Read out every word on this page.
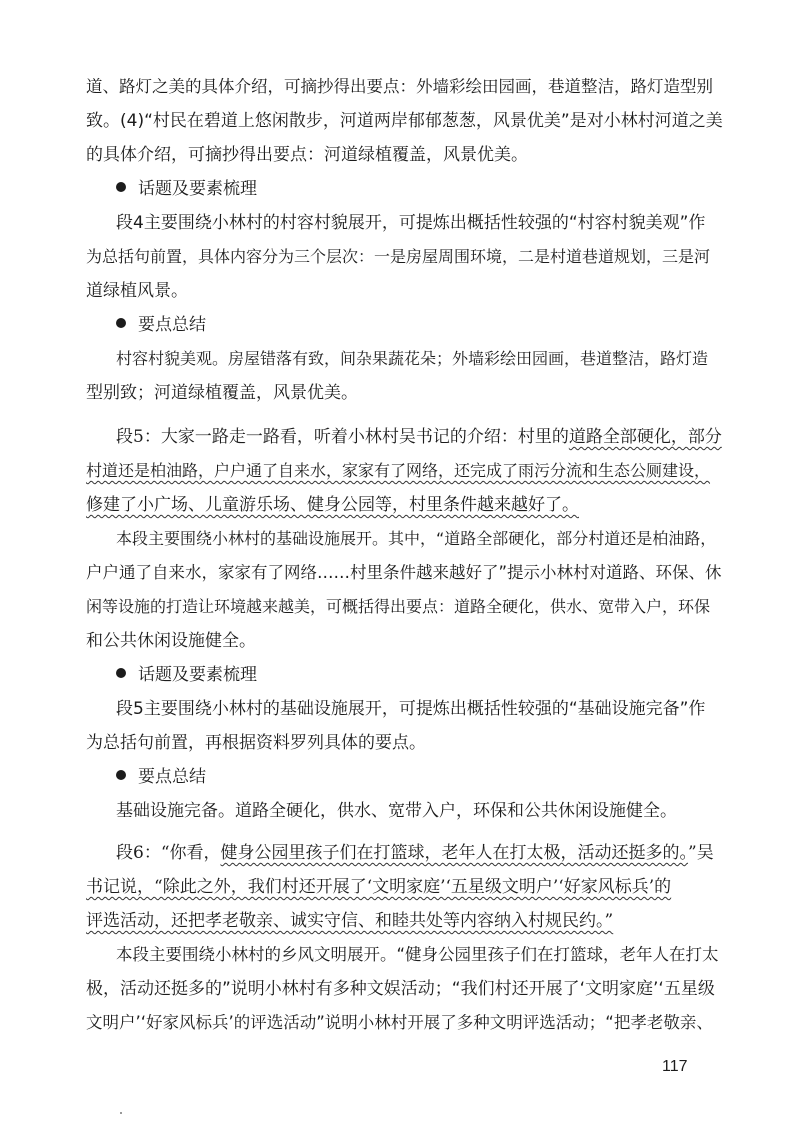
道、路灯之美的具体介绍，可摘抄得出要点：外墙彩绘田园画，巷道整洁，路灯造型别
致。(4)“村民在碧道上悠闲散步，河道两岸郁郁葱葱，风景优美”是对小林村河道之美
的具体介绍，可摘抄得出要点：河道绿植覆盖，风景优美。
话题及要素梳理
段4主要围绕小林村的村容村貌展开，可提炼出概括性较强的“村容村貌美观”作
为总括句前置，具体内容分为三个层次：一是房屋周围环境，二是村道巷道规划，三是河
道绿植风景。
要点总结
村容村貌美观。房屋错落有致，间杂果蔬花朵；外墙彩绘田园画，巷道整洁，路灯造
型别致；河道绿植覆盖，风景优美。
段5：大家一路走一路看，听着小林村吴书记的介绍：村里的道路全部硬化，部分
村道还是柏油路，户户通了自来水，家家有了网络，还完成了雨污分流和生态公厕建设，
修建了小广场、儿童游乐场、健身公园等，村里条件越来越好了。
本段主要围绕小林村的基础设施展开。其中，“道路全部硬化，部分村道还是柏油路，
户户通了自来水，家家有了网络……村里条件越来越好了”提示小林村对道路、环保、休
闲等设施的打造让环境越来越美，可概括得出要点：道路全硬化，供水、宽带入户，环保
和公共休闲设施健全。
话题及要素梳理
段5主要围绕小林村的基础设施展开，可提炼出概括性较强的“基础设施完备”作
为总括句前置，再根据资料罗列具体的要点。
要点总结
基础设施完备。道路全硬化，供水、宽带入户，环保和公共休闲设施健全。
段6：“你看，健身公园里孩子们在打篮球，老年人在打太极，活动还挺多的。”吴
书记说，“除此之外，我们村还开展了‘文明家庭’‘五星级文明户’‘好家风标兵’的
评选活动，还把孝老敬亲、诚实守信、和睦共处等内容纳入村规民约。”
本段主要围绕小林村的乡风文明展开。“健身公园里孩子们在打篮球，老年人在打太
极，活动还挺多的”说明小林村有多种文娱活动；“我们村还开展了‘文明家庭’‘五星级
文明户’‘好家风标兵’的评选活动”说明小林村开展了多种文明评选活动；“把孝老敬亲、
117
